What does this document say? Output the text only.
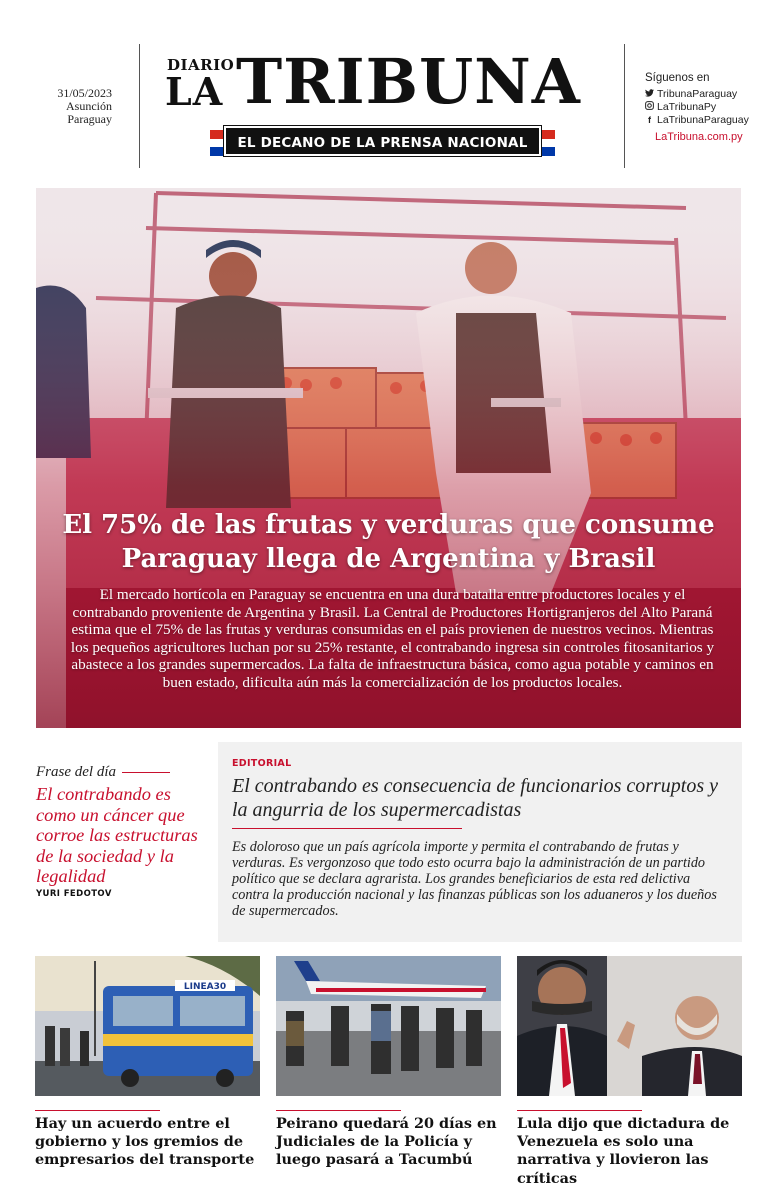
31/05/2023
Asunción
Paraguay
DIARIO
LA TRIBUNA
EL DECANO DE LA PRENSA NACIONAL
Síguenos en
TribunaParaguay
LaTribunaPy
f LaTribunaParaguay
LaTribuna.com.py
El 75% de las frutas y verduras que consume
Paraguay llega de Argentina y Brasil
El mercado hortícola en Paraguay se encuentra en una dura batalla entre productores locales y el contrabando proveniente de Argentina y Brasil. La Central de Productores Hortigranjeros del Alto Paraná estima que el 75% de las frutas y verduras consumidas en el país provienen de nuestros vecinos. Mientras los pequeños agricultores luchan por su 25% restante, el contrabando ingresa sin controles fitosanitarios y abastece a los grandes supermercados. La falta de infraestructura básica, como agua potable y caminos en buen estado, dificulta aún más la comercialización de los productos locales.
Frase del día
El contrabando es como un cáncer que corroe las estructuras de la sociedad y la legalidad
YURI FEDOTOV
EDITORIAL
El contrabando es consecuencia de funcionarios corruptos y la angurria de los supermercadistas
Es doloroso que un país agrícola importe y permita el contrabando de frutas y verduras. Es vergonzoso que todo esto ocurra bajo la administración de un partido político que se declara agrarista. Los grandes beneficiarios de esta red delictiva contra la producción nacional y las finanzas públicas son los aduaneros y los dueños de supermercados.
LINEA30
Hay un acuerdo entre el gobierno y los gremios de empresarios del transporte
Peirano quedará 20 días en Judiciales de la Policía y luego pasará a Tacumbú
Lula dijo que dictadura de Venezuela es solo una narrativa y llovieron las críticas
